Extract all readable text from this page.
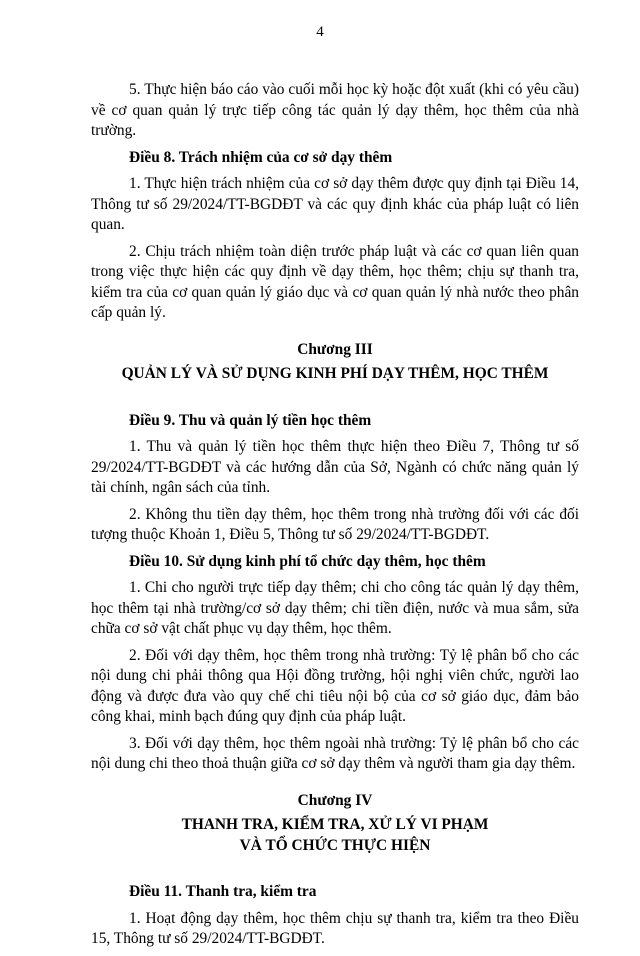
4

5. Thực hiện báo cáo vào cuối mỗi học kỳ hoặc đột xuất (khi có yêu cầu) về cơ quan quản lý trực tiếp công tác quản lý dạy thêm, học thêm của nhà trường.

Điều 8. Trách nhiệm của cơ sở dạy thêm

1. Thực hiện trách nhiệm của cơ sở dạy thêm được quy định tại Điều 14, Thông tư số 29/2024/TT-BGDĐT và các quy định khác của pháp luật có liên quan.

2. Chịu trách nhiệm toàn diện trước pháp luật và các cơ quan liên quan trong việc thực hiện các quy định về dạy thêm, học thêm; chịu sự thanh tra, kiểm tra của cơ quan quản lý giáo dục và cơ quan quản lý nhà nước theo phân cấp quản lý.

Chương III

QUẢN LÝ VÀ SỬ DỤNG KINH PHÍ DẠY THÊM, HỌC THÊM

Điều 9. Thu và quản lý tiền học thêm

1. Thu và quản lý tiền học thêm thực hiện theo Điều 7, Thông tư số 29/2024/TT-BGDĐT và các hướng dẫn của Sở, Ngành có chức năng quản lý tài chính, ngân sách của tỉnh.

2. Không thu tiền dạy thêm, học thêm trong nhà trường đối với các đối tượng thuộc Khoản 1, Điều 5, Thông tư số 29/2024/TT-BGDĐT.

Điều 10. Sử dụng kinh phí tổ chức dạy thêm, học thêm

1. Chi cho người trực tiếp dạy thêm; chi cho công tác quản lý dạy thêm, học thêm tại nhà trường/cơ sở dạy thêm; chi tiền điện, nước và mua sắm, sửa chữa cơ sở vật chất phục vụ dạy thêm, học thêm.

2. Đối với dạy thêm, học thêm trong nhà trường: Tỷ lệ phân bổ cho các nội dung chi phải thông qua Hội đồng trường, hội nghị viên chức, người lao động và được đưa vào quy chế chi tiêu nội bộ của cơ sở giáo dục, đảm bảo công khai, minh bạch đúng quy định của pháp luật.

3. Đối với dạy thêm, học thêm ngoài nhà trường: Tỷ lệ phân bổ cho các nội dung chi theo thoả thuận giữa cơ sở dạy thêm và người tham gia dạy thêm.

Chương IV

THANH TRA, KIỂM TRA, XỬ LÝ VI PHẠM
VÀ TỔ CHỨC THỰC HIỆN

Điều 11. Thanh tra, kiểm tra

1. Hoạt động dạy thêm, học thêm chịu sự thanh tra, kiểm tra theo Điều 15, Thông tư số 29/2024/TT-BGDĐT.
